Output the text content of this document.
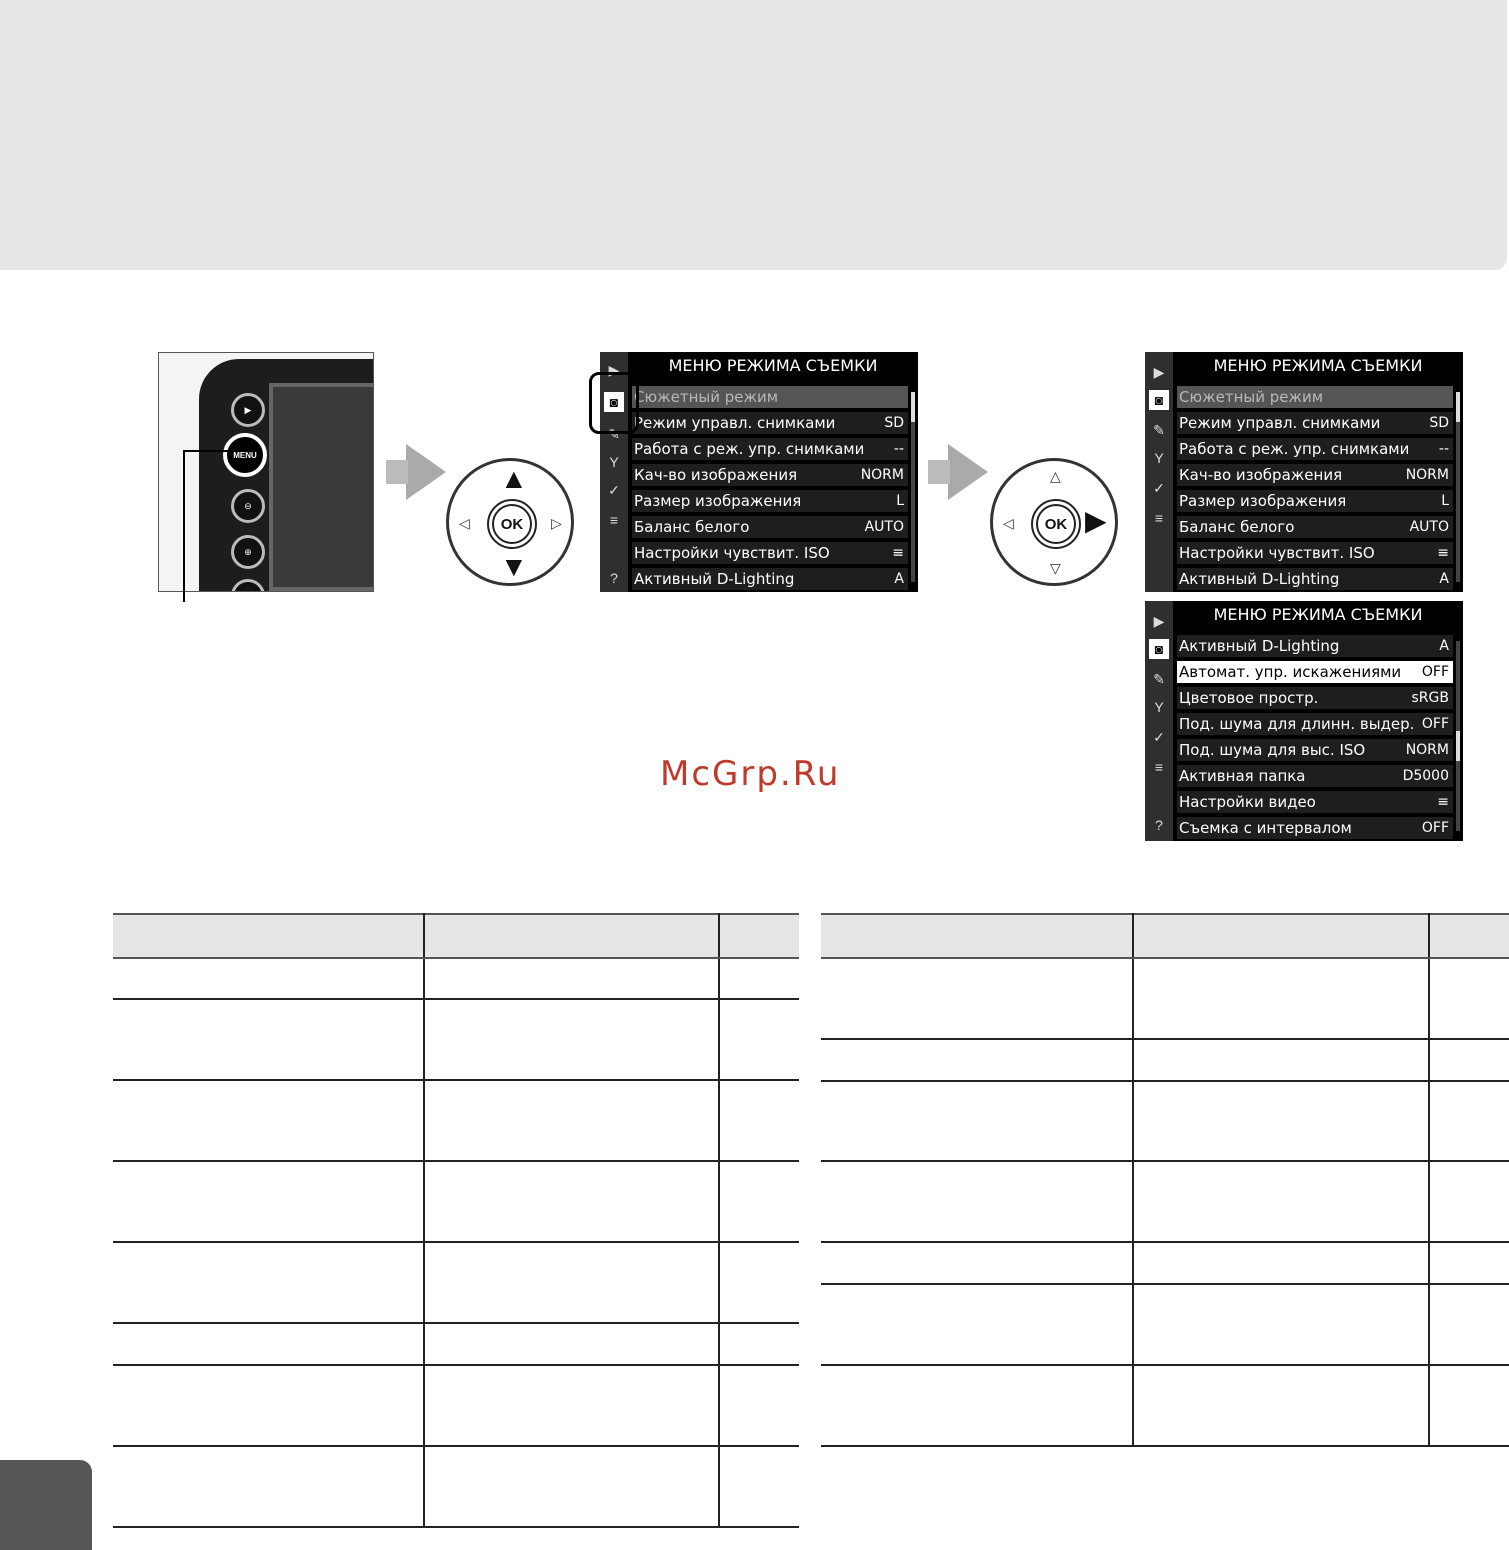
▶
MENU
⊖
⊕
▲
▼
◁	▷
OK
△
▽
◁	▶
OK
▶
◙
✎
Y
✓
≡
?
МЕНЮ РЕЖИМА СЪЕМКИ
Сюжетный режим
Режим управл. снимками	SD
Работа с реж. упр. снимками --
Кач-во изображения	NORM
Размер изображения	L
Баланс белого	AUTO
Настройки чувствит. ISO	≡
Активный D-Lighting	A
▶
◙
✎
Y
✓
≡
МЕНЮ РЕЖИМА СЪЕМКИ
Сюжетный режим
Режим управл. снимками	SD
Работа с реж. упр. снимками --
Кач-во изображения	NORM
Размер изображения	L
Баланс белого	AUTO
Настройки чувствит. ISO	≡
Активный D-Lighting	A
▶
◙
✎
Y
✓
≡
?
МЕНЮ РЕЖИМА СЪЕМКИ
Активный D-Lighting	A
Автомат. упр. искажениями OFF
Цветовое простр.	sRGB
Под. шума для длинн. выдер. OFF
Под. шума для выс. ISO	NORM
Активная папка	D5000
Настройки видео	≡
Съемка с интервалом	OFF
McGrp.Ru
